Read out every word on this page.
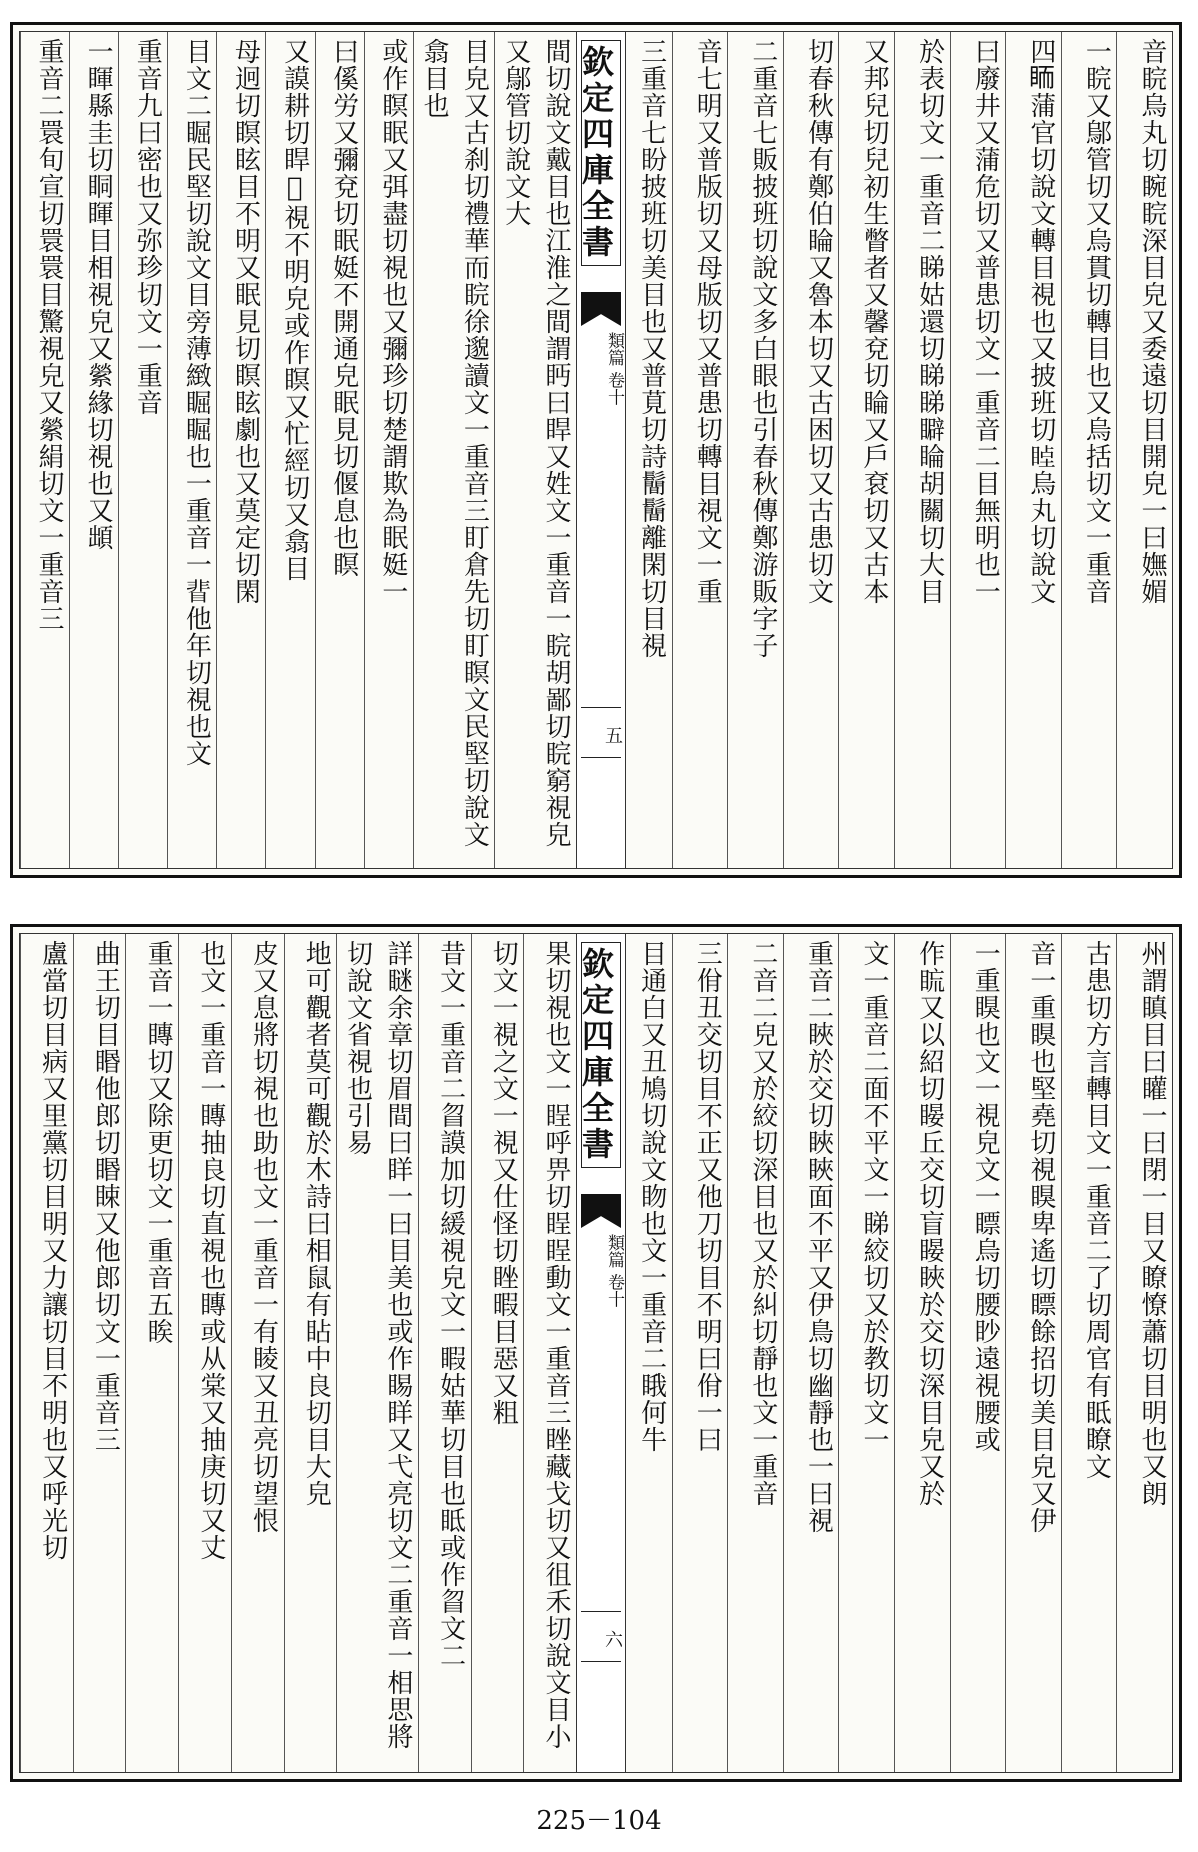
音睆烏丸切睕睆深目皃又委遠切目開皃一曰嫵媚
一睆又鄔管切又烏貫切轉目也又烏括切文一重音
四𥅡蒲官切說文轉目視也又披班切𥇞烏丸切說文
曰廢井又蒲危切又普患切文一重音二目無明也一
於表切文一重音二睇姑還切睇睇䁹睔胡關切大目
又邦兒切兒初生瞥者又馨兗切睔又戶袞切又古本
切春秋傳有鄭伯睔又魯本切又古困切又古患切文
二重音七販披班切說文多白眼也引春秋傳鄭游販字子
音七明又普版切又母版切又普患切轉目視文一重
三重音七盼披班切美目也又普莧切詩鬝鬝離閑切目視
欽定四庫全書
類篇 卷十
五
間切說文戴目也江淮之間謂眄曰睅又姓文一重音一睆胡鄙切睆窮視皃又鄔管切說文大
目皃又古刹切禮華而睆徐邈讀文一重音三盯倉先切盯瞑文民堅切說文翕目也
或作瞑眠又弭盡切視也又彌珍切楚謂欺為眠娗一
曰傒労又彌兗切眠娗不開通皃眠見切偃息也瞑
又謨耕切睅𧡧視不明皃或作瞑又忙經切又翕目
母迥切瞑眩目不明又眠見切瞑眩劇也又莫定切閑
目文二𥇣民堅切說文目旁薄緻𥇣𥇣也一重音一𥇖他年切視也文
重音九曰密也又弥珍切文一重音
一睴縣圭切眮睴目相視皃又縈緣切視也又䪼
重音二睘旬宣切睘睘目驚視皃又縈絹切文一重音三
州謂瞋目曰矔一曰閉一目又瞭憭蕭切目明也又朗
古患切方言轉目文一重音二了切周官有眡瞭文
音一重瞁也堅堯切視瞁卑遙切瞟餘招切美目皃又伊
一重瞁也文一視皃文一瞟烏切腰眇遠視腰或
作䀮又以紹切䁙丘交切盲䁙䀹於交切深目皃又於
文一重音二面不平文一睇絞切又於教切文一
重音二䀹於交切䀹䀹面不平又伊鳥切幽靜也一曰視
二音二皃又於絞切深目也又於糾切靜也文一重音
三佾丑交切目不正又他刀切目不明曰佾一曰
目通白又丑鳩切說文䀛也文一重音二睋何牛
欽定四庫全書
類篇 卷十
六
果切視也文一睈呼畀切睈睈動文一重音三睉藏戈切又徂禾切說文目小
切文一視之文一視又仕怪切睉暇目惡又粗
昔文一重音二䀜謨加切緩視皃文一睱姑華切目也眡或作䀜文二
詳瞇余章切眉間曰眻一曰目美也或作睗眻又弋亮切文二重音一相思將切說文省視也引易
地可觀者莫可觀於木詩曰相鼠有䀡中良切目大皃
皮又息將切視也助也文一重音一有睖又丑亮切望恨
也文一重音一䁣抽良切直視也䁣或从棠又抽庚切又丈
重音一䁣切又除更切文一重音五䀵
曲王切目䁕他郎切䁕䀳又他郎切文一重音三
盧當切目病又里黨切目明又力讓切目不明也又呼光切
225－104
